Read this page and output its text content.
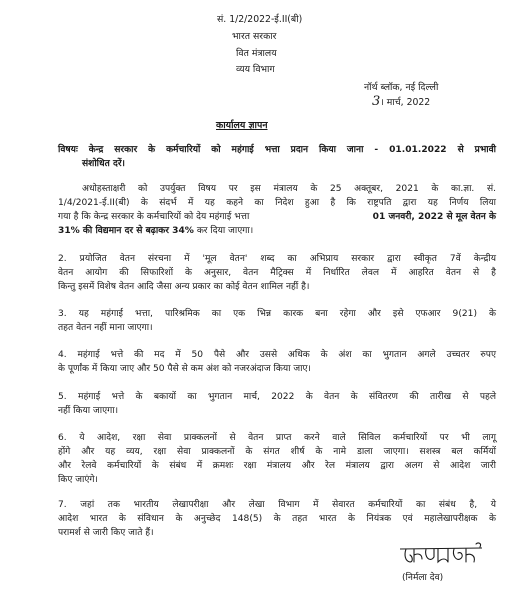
सं. 1/2/2022-ई.II(बी)
भारत सरकार
वित मंत्रालय
व्यय विभाग
नॉर्थ ब्लॉक, नई दिल्ली
3। मार्च, 2022
कार्यालय ज्ञापन
विषयः केन्द्र सरकार के कर्मचारियों को महंगाई भत्ता प्रदान किया जाना - 01.01.2022 से प्रभावी
संशोधित दरें।
अधोहस्ताक्षरी को उपर्युक्त विषय पर इस मंत्रालय के 25 अक्तूबर, 2021 के का.ज्ञा. सं.
1/4/2021-ई.II(बी) के संदर्भ में यह कहने का निदेश हुआ है कि राष्ट्रपति द्वारा यह निर्णय लिया
गया है कि केन्द्र सरकार के कर्मचारियों को देय महंगाई भत्ता	01 जनवरी, 2022 से मूल वेतन के
31% की विद्यमान दर से बढ़ाकर 34% कर दिया जाएगा।
2. प्रयोजित वेतन संरचना में 'मूल वेतन' शब्द का अभिप्राय सरकार द्वारा स्वीकृत 7वें केन्द्रीय
वेतन आयोग की सिफारिशों के अनुसार, वेतन मैट्रिक्स में निर्धारित लेवल में आहरित वेतन से है
किन्तु इसमें विशेष वेतन आदि जैसा अन्य प्रकार का कोई वेतन शामिल नहीं है।
3. यह महंगाई भत्ता, पारिश्रमिक का एक भिन्न कारक बना रहेगा और इसे एफआर 9(21) के
तहत वेतन नहीं माना जाएगा।
4. महंगाई भत्ते की मद में 50 पैसे और उससे अधिक के अंश का भुगतान अगले उच्चतर रुपए
के पूर्णांक में किया जाए और 50 पैसे से कम अंश को नजरअंदाज किया जाए।
5. महंगाई भत्ते के बकायों का भुगतान मार्च, 2022 के वेतन के संवितरण की तारीख से पहले
नहीं किया जाएगा।
6. ये आदेश, रक्षा सेवा प्राक्कलनों से वेतन प्राप्त करने वाले सिविल कर्मचारियों पर भी लागू
होंगे और यह व्यय, रक्षा सेवा प्राक्कलनों के संगत शीर्ष के नामे डाला जाएगा। सशस्त्र बल कर्मियों
और रेलवे कर्मचारियों के संबंध में क्रमशः रक्षा मंत्रालय और रेल मंत्रालय द्वारा अलग से आदेश जारी
किए जाएंगे।
7. जहां तक भारतीय लेखापरीक्षा और लेखा विभाग में सेवारत कर्मचारियों का संबंध है, ये
आदेश भारत के संविधान के अनुच्छेद 148(5) के तहत भारत के नियंत्रक एवं महालेखापरीक्षक के
परामर्श से जारी किए जाते हैं।
(निर्मला देव)
